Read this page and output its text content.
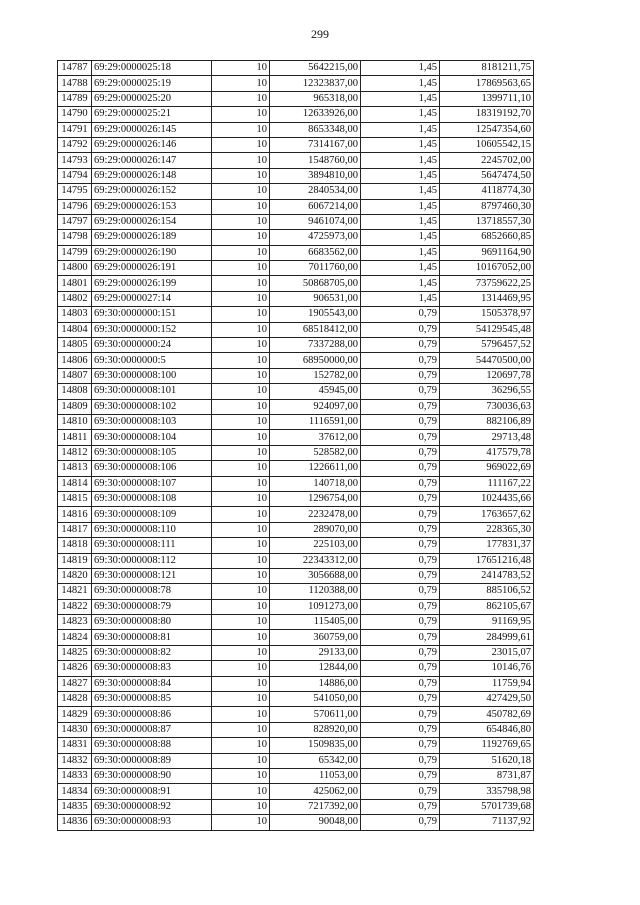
299
14787	69:29:0000025:18	10	5642215,00	1,45	8181211,75
14788	69:29:0000025:19	10	12323837,00	1,45	17869563,65
14789	69:29:0000025:20	10	965318,00	1,45	1399711,10
14790	69:29:0000025:21	10	12633926,00	1,45	18319192,70
14791	69:29:0000026:145	10	8653348,00	1,45	12547354,60
14792	69:29:0000026:146	10	7314167,00	1,45	10605542,15
14793	69:29:0000026:147	10	1548760,00	1,45	2245702,00
14794	69:29:0000026:148	10	3894810,00	1,45	5647474,50
14795	69:29:0000026:152	10	2840534,00	1,45	4118774,30
14796	69:29:0000026:153	10	6067214,00	1,45	8797460,30
14797	69:29:0000026:154	10	9461074,00	1,45	13718557,30
14798	69:29:0000026:189	10	4725973,00	1,45	6852660,85
14799	69:29:0000026:190	10	6683562,00	1,45	9691164,90
14800	69:29:0000026:191	10	7011760,00	1,45	10167052,00
14801	69:29:0000026:199	10	50868705,00	1,45	73759622,25
14802	69:29:0000027:14	10	906531,00	1,45	1314469,95
14803	69:30:0000000:151	10	1905543,00	0,79	1505378,97
14804	69:30:0000000:152	10	68518412,00	0,79	54129545,48
14805	69:30:0000000:24	10	7337288,00	0,79	5796457,52
14806	69:30:0000000:5	10	68950000,00	0,79	54470500,00
14807	69:30:0000008:100	10	152782,00	0,79	120697,78
14808	69:30:0000008:101	10	45945,00	0,79	36296,55
14809	69:30:0000008:102	10	924097,00	0,79	730036,63
14810	69:30:0000008:103	10	1116591,00	0,79	882106,89
14811	69:30:0000008:104	10	37612,00	0,79	29713,48
14812	69:30:0000008:105	10	528582,00	0,79	417579,78
14813	69:30:0000008:106	10	1226611,00	0,79	969022,69
14814	69:30:0000008:107	10	140718,00	0,79	111167,22
14815	69:30:0000008:108	10	1296754,00	0,79	1024435,66
14816	69:30:0000008:109	10	2232478,00	0,79	1763657,62
14817	69:30:0000008:110	10	289070,00	0,79	228365,30
14818	69:30:0000008:111	10	225103,00	0,79	177831,37
14819	69:30:0000008:112	10	22343312,00	0,79	17651216,48
14820	69:30:0000008:121	10	3056688,00	0,79	2414783,52
14821	69:30:0000008:78	10	1120388,00	0,79	885106,52
14822	69:30:0000008:79	10	1091273,00	0,79	862105,67
14823	69:30:0000008:80	10	115405,00	0,79	91169,95
14824	69:30:0000008:81	10	360759,00	0,79	284999,61
14825	69:30:0000008:82	10	29133,00	0,79	23015,07
14826	69:30:0000008:83	10	12844,00	0,79	10146,76
14827	69:30:0000008:84	10	14886,00	0,79	11759,94
14828	69:30:0000008:85	10	541050,00	0,79	427429,50
14829	69:30:0000008:86	10	570611,00	0,79	450782,69
14830	69:30:0000008:87	10	828920,00	0,79	654846,80
14831	69:30:0000008:88	10	1509835,00	0,79	1192769,65
14832	69:30:0000008:89	10	65342,00	0,79	51620,18
14833	69:30:0000008:90	10	11053,00	0,79	8731,87
14834	69:30:0000008:91	10	425062,00	0,79	335798,98
14835	69:30:0000008:92	10	7217392,00	0,79	5701739,68
14836	69:30:0000008:93	10	90048,00	0,79	71137,92
